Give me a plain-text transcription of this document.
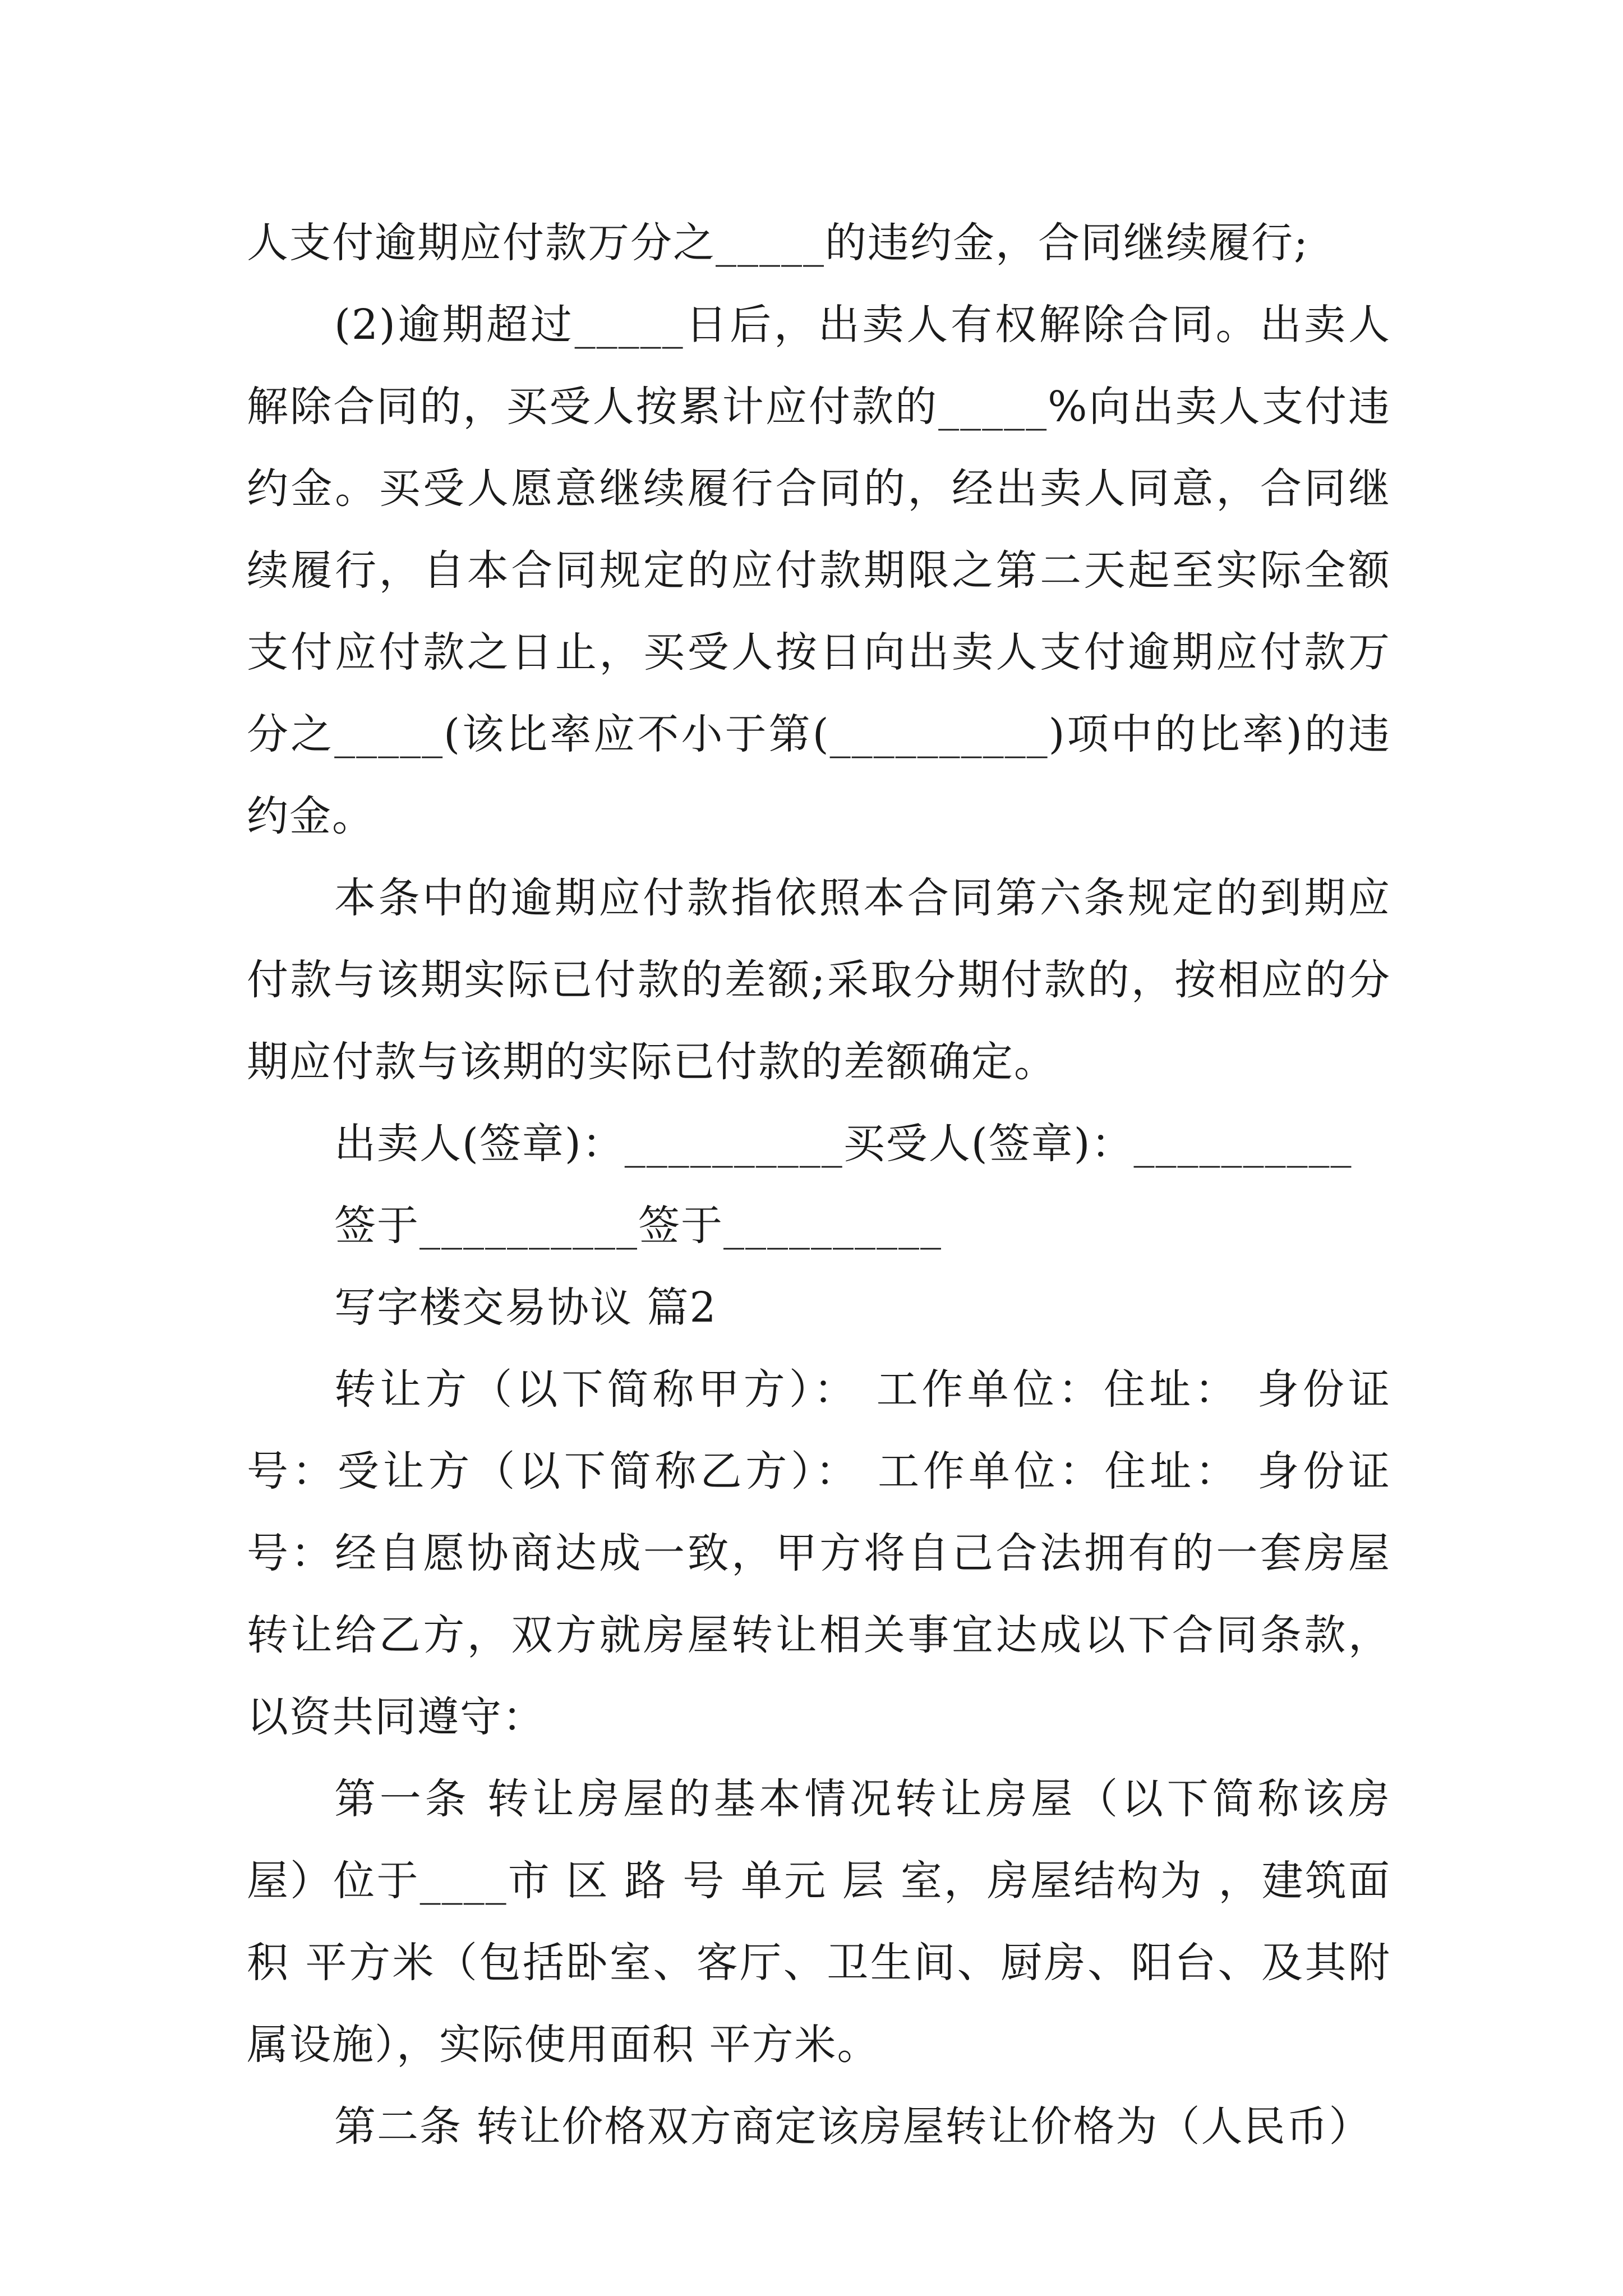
人支付逾期应付款万分之_____的违约金，合同继续履行;

(2)逾期超过_____日后，出卖人有权解除合同。出卖人解除合同的，买受人按累计应付款的_____%向出卖人支付违约金。买受人愿意继续履行合同的，经出卖人同意，合同继续履行，自本合同规定的应付款期限之第二天起至实际全额支付应付款之日止，买受人按日向出卖人支付逾期应付款万分之_____(该比率应不小于第(__________)项中的比率)的违约金。

本条中的逾期应付款指依照本合同第六条规定的到期应付款与该期实际已付款的差额;采取分期付款的，按相应的分期应付款与该期的实际已付款的差额确定。

出卖人(签章)：__________买受人(签章)：__________

签于__________签于__________

写字楼交易协议 篇2

转让方（以下简称甲方）： 工作单位：住址： 身份证号：受让方（以下简称乙方）： 工作单位：住址： 身份证号：经自愿协商达成一致，甲方将自己合法拥有的一套房屋转让给乙方，双方就房屋转让相关事宜达成以下合同条款，以资共同遵守：

第一条 转让房屋的基本情况转让房屋（以下简称该房屋）位于____市 区 路 号 单元 层 室，房屋结构为 ，建筑面积 平方米（包括卧室、客厅、卫生间、厨房、阳台、及其附属设施），实际使用面积 平方米。

第二条 转让价格双方商定该房屋转让价格为（人民币）
